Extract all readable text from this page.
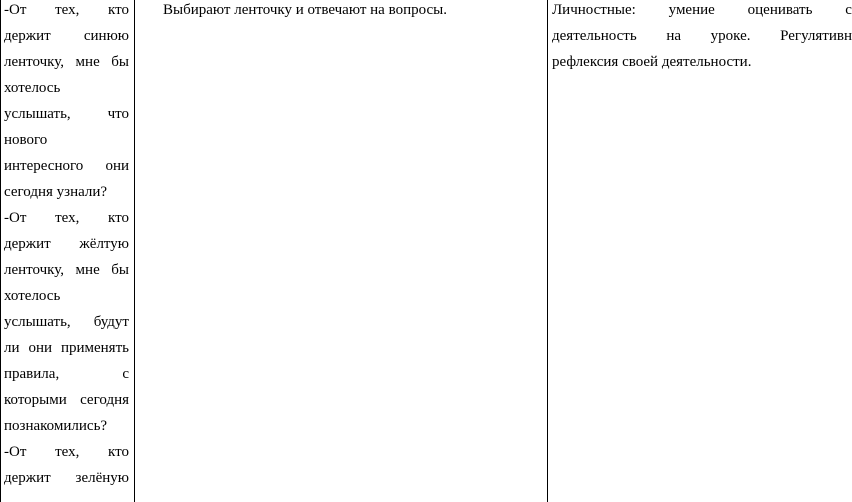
-От тех, кто
держит синюю
ленточку, мне бы
хотелось
услышать, что
нового
интересного они
сегодня узнали?
-От тех, кто
держит жёлтую
ленточку, мне бы
хотелось
услышать, будут
ли они применять
правила,	с
которыми сегодня
познакомились?
-От тех, кто
держит зелёную
Выбирают ленточку и отвечают на вопросы.	Личностные: умение оценивать с
деятельность на уроке. Регулятивн
рефлексия своей деятельности.
